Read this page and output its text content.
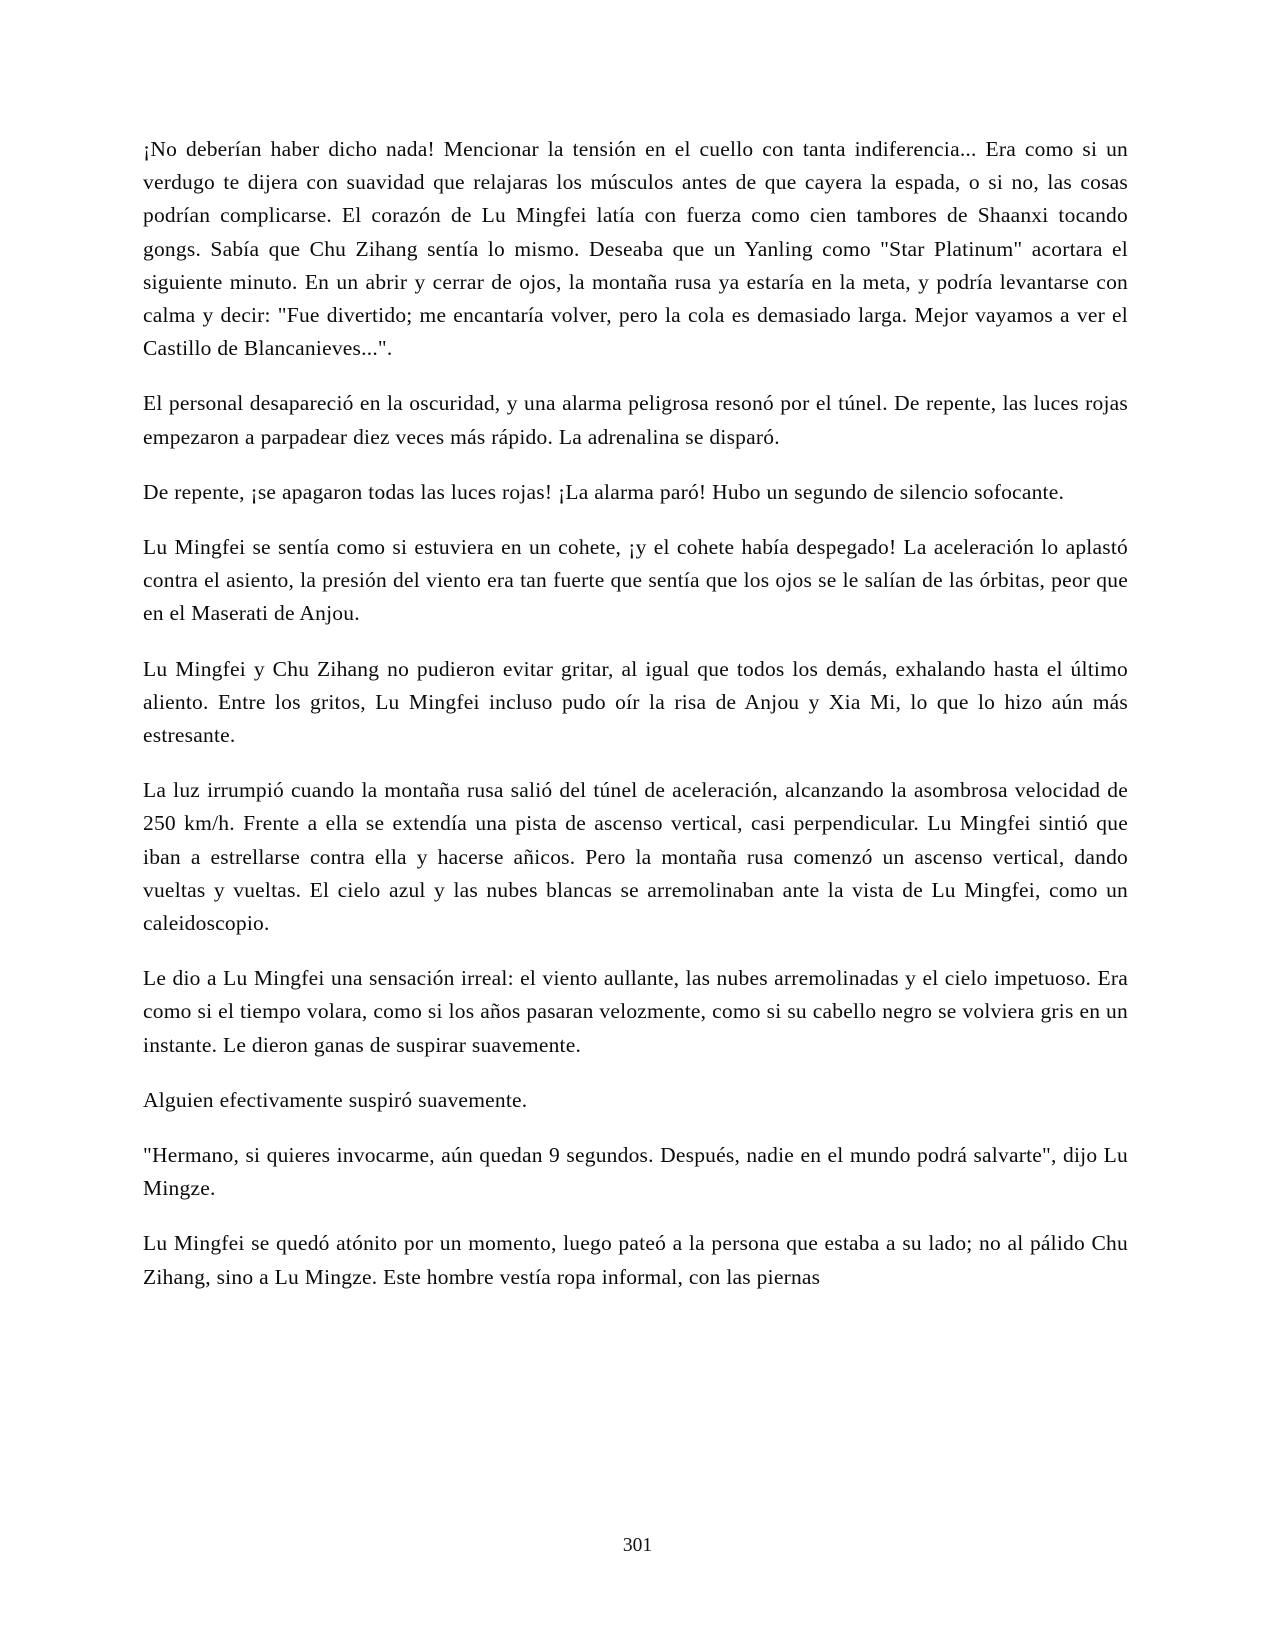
¡No deberían haber dicho nada! Mencionar la tensión en el cuello con tanta indiferencia... Era como si un verdugo te dijera con suavidad que relajaras los músculos antes de que cayera la espada, o si no, las cosas podrían complicarse. El corazón de Lu Mingfei latía con fuerza como cien tambores de Shaanxi tocando gongs. Sabía que Chu Zihang sentía lo mismo. Deseaba que un Yanling como "Star Platinum" acortara el siguiente minuto. En un abrir y cerrar de ojos, la montaña rusa ya estaría en la meta, y podría levantarse con calma y decir: "Fue divertido; me encantaría volver, pero la cola es demasiado larga. Mejor vayamos a ver el Castillo de Blancanieves...".

El personal desapareció en la oscuridad, y una alarma peligrosa resonó por el túnel. De repente, las luces rojas empezaron a parpadear diez veces más rápido. La adrenalina se disparó.

De repente, ¡se apagaron todas las luces rojas! ¡La alarma paró! Hubo un segundo de silencio sofocante.

Lu Mingfei se sentía como si estuviera en un cohete, ¡y el cohete había despegado! La aceleración lo aplastó contra el asiento, la presión del viento era tan fuerte que sentía que los ojos se le salían de las órbitas, peor que en el Maserati de Anjou.

Lu Mingfei y Chu Zihang no pudieron evitar gritar, al igual que todos los demás, exhalando hasta el último aliento. Entre los gritos, Lu Mingfei incluso pudo oír la risa de Anjou y Xia Mi, lo que lo hizo aún más estresante.

La luz irrumpió cuando la montaña rusa salió del túnel de aceleración, alcanzando la asombrosa velocidad de 250 km/h. Frente a ella se extendía una pista de ascenso vertical, casi perpendicular. Lu Mingfei sintió que iban a estrellarse contra ella y hacerse añicos. Pero la montaña rusa comenzó un ascenso vertical, dando vueltas y vueltas. El cielo azul y las nubes blancas se arremolinaban ante la vista de Lu Mingfei, como un caleidoscopio.

Le dio a Lu Mingfei una sensación irreal: el viento aullante, las nubes arremolinadas y el cielo impetuoso. Era como si el tiempo volara, como si los años pasaran velozmente, como si su cabello negro se volviera gris en un instante. Le dieron ganas de suspirar suavemente.

Alguien efectivamente suspiró suavemente.

"Hermano, si quieres invocarme, aún quedan 9 segundos. Después, nadie en el mundo podrá salvarte", dijo Lu Mingze.

Lu Mingfei se quedó atónito por un momento, luego pateó a la persona que estaba a su lado; no al pálido Chu Zihang, sino a Lu Mingze. Este hombre vestía ropa informal, con las piernas

301
